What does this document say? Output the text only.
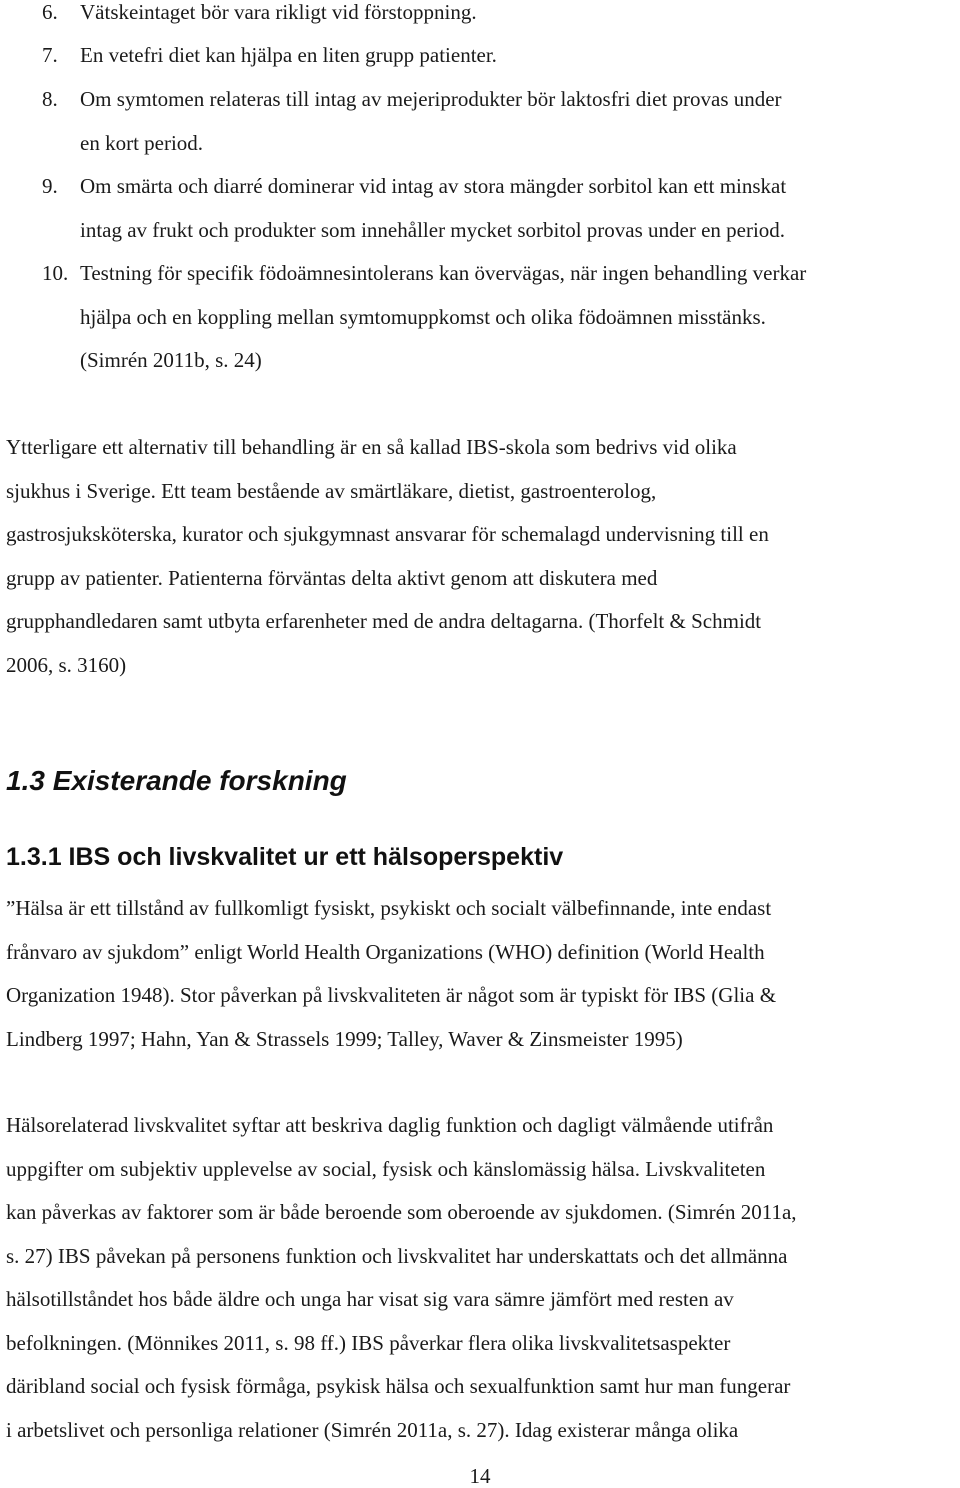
6. Vätskeintaget bör vara rikligt vid förstoppning.
7. En vetefri diet kan hjälpa en liten grupp patienter.
8. Om symtomen relateras till intag av mejeriprodukter bör laktosfri diet provas under
en kort period.
9. Om smärta och diarré dominerar vid intag av stora mängder sorbitol kan ett minskat
intag av frukt och produkter som innehåller mycket sorbitol provas under en period.
10. Testning för specifik födoämnesintolerans kan övervägas, när ingen behandling verkar
hjälpa och en koppling mellan symtomuppkomst och olika födoämnen misstänks.
(Simrén 2011b, s. 24)
Ytterligare ett alternativ till behandling är en så kallad IBS-skola som bedrivs vid olika
sjukhus i Sverige. Ett team bestående av smärtläkare, dietist, gastroenterolog,
gastrosjuksköterska, kurator och sjukgymnast ansvarar för schemalagd undervisning till en
grupp av patienter. Patienterna förväntas delta aktivt genom att diskutera med
grupphandledaren samt utbyta erfarenheter med de andra deltagarna. (Thorfelt & Schmidt
2006, s. 3160)
1.3 Existerande forskning
1.3.1 IBS och livskvalitet ur ett hälsoperspektiv
”Hälsa är ett tillstånd av fullkomligt fysiskt, psykiskt och socialt välbefinnande, inte endast
frånvaro av sjukdom” enligt World Health Organizations (WHO) definition (World Health
Organization 1948). Stor påverkan på livskvaliteten är något som är typiskt för IBS (Glia &
Lindberg 1997; Hahn, Yan & Strassels 1999; Talley, Waver & Zinsmeister 1995)
Hälsorelaterad livskvalitet syftar att beskriva daglig funktion och dagligt välmående utifrån
uppgifter om subjektiv upplevelse av social, fysisk och känslomässig hälsa. Livskvaliteten
kan påverkas av faktorer som är både beroende som oberoende av sjukdomen. (Simrén 2011a,
s. 27) IBS påvekan på personens funktion och livskvalitet har underskattats och det allmänna
hälsotillståndet hos både äldre och unga har visat sig vara sämre jämfört med resten av
befolkningen. (Mönnikes 2011, s. 98 ff.) IBS påverkar flera olika livskvalitetsaspekter
däribland social och fysisk förmåga, psykisk hälsa och sexualfunktion samt hur man fungerar
i arbetslivet och personliga relationer (Simrén 2011a, s. 27). Idag existerar många olika
14
